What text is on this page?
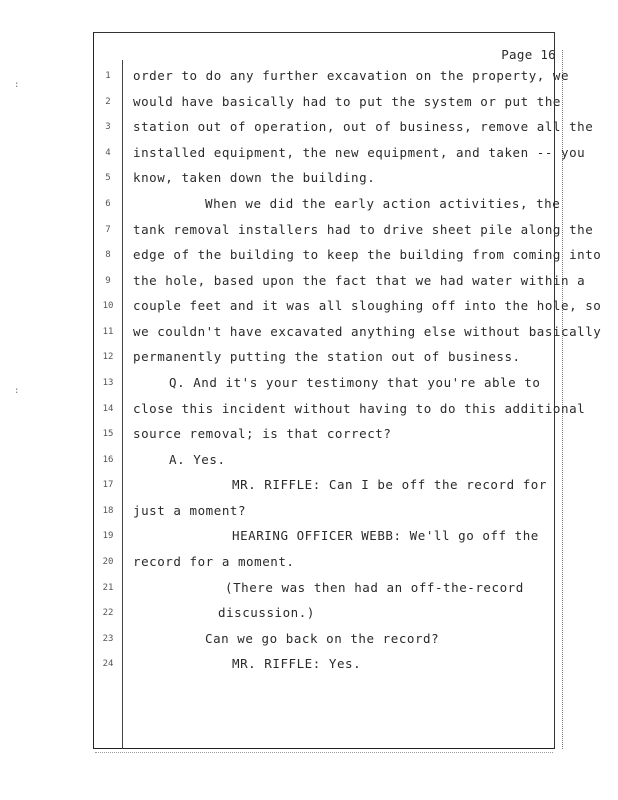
:
:
Page 16
1
2
3
4
5
6
7
8
9
10
11
12
13
14
15
16
17
18
19
20
21
22
23
24
order to do any further excavation on the property, we
would have basically had to put the system or put the
station out of operation, out of business, remove all the
installed equipment, the new equipment, and taken -- you
know, taken down the building.
When we did the early action activities, the
tank removal installers had to drive sheet pile along the
edge of the building to keep the building from coming into
the hole, based upon the fact that we had water within a
couple feet and it was all sloughing off into the hole, so
we couldn't have excavated anything else without basically
permanently putting the station out of business.
Q. And it's your testimony that you're able to
close this incident without having to do this additional
source removal; is that correct?
A. Yes.
MR. RIFFLE: Can I be off the record for
just a moment?
HEARING OFFICER WEBB: We'll go off the
record for a moment.
(There was then had an off-the-record
discussion.)
Can we go back on the record?
MR. RIFFLE: Yes.
